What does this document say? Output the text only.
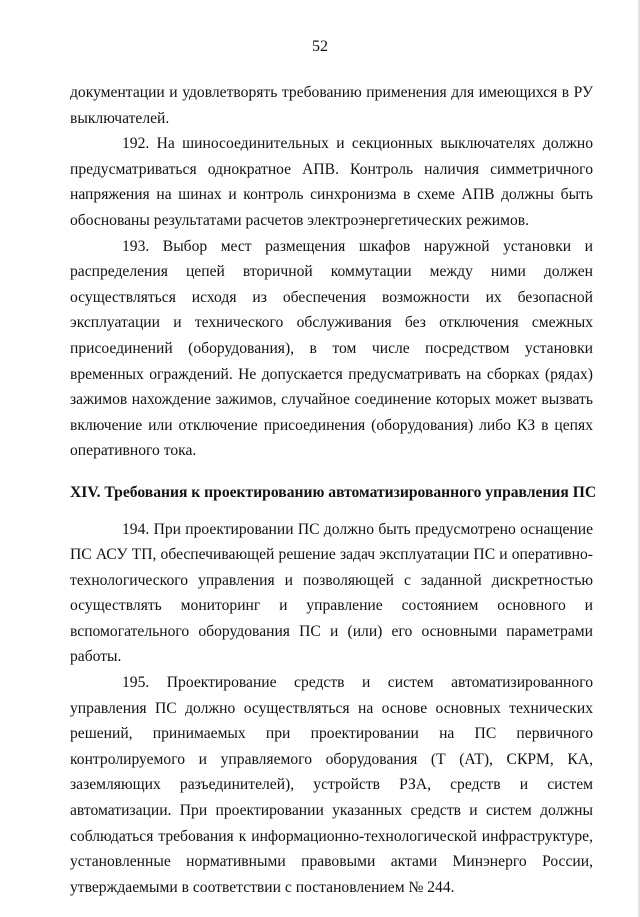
52

документации и удовлетворять требованию применения для имеющихся в РУ выключателей.

192. На шиносоединительных и секционных выключателях должно предусматриваться однократное АПВ. Контроль наличия симметричного напряжения на шинах и контроль синхронизма в схеме АПВ должны быть обоснованы результатами расчетов электроэнергетических режимов.

193. Выбор мест размещения шкафов наружной установки и распределения цепей вторичной коммутации между ними должен осуществляться исходя из обеспечения возможности их безопасной эксплуатации и технического обслуживания без отключения смежных присоединений (оборудования), в том числе посредством установки временных ограждений. Не допускается предусматривать на сборках (рядах) зажимов нахождение зажимов, случайное соединение которых может вызвать включение или отключение присоединения (оборудования) либо КЗ в цепях оперативного тока.

XIV. Требования к проектированию автоматизированного управления ПС

194. При проектировании ПС должно быть предусмотрено оснащение ПС АСУ ТП, обеспечивающей решение задач эксплуатации ПС и оперативно-технологического управления и позволяющей с заданной дискретностью осуществлять мониторинг и управление состоянием основного и вспомогательного оборудования ПС и (или) его основными параметрами работы.

195. Проектирование средств и систем автоматизированного управления ПС должно осуществляться на основе основных технических решений, принимаемых при проектировании на ПС первичного контролируемого и управляемого оборудования (Т (АТ), СКРМ, КА, заземляющих разъединителей), устройств РЗА, средств и систем автоматизации. При проектировании указанных средств и систем должны соблюдаться требования к информационно-технологической инфраструктуре, установленные нормативными правовыми актами Минэнерго России, утверждаемыми в соответствии с постановлением № 244.
